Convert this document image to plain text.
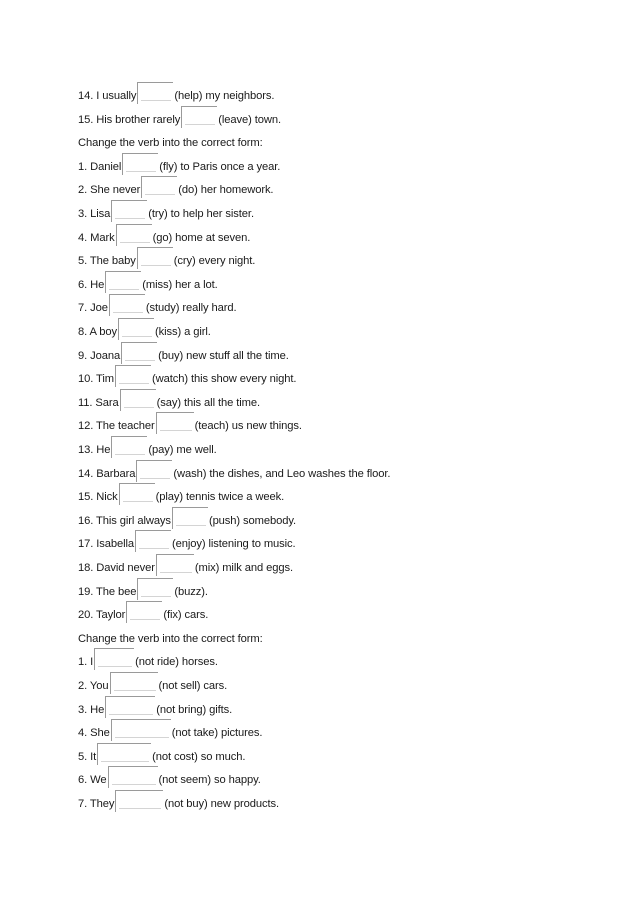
14. I usually	(help) my neighbors.
15. His brother rarely	(leave) town.
Change the verb into the correct form:
1. Daniel	(fly) to Paris once a year.
2. She never	(do) her homework.
3. Lisa	(try) to help her sister.
4. Mark	(go) home at seven.
5. The baby	(cry) every night.
6. He	(miss) her a lot.
7. Joe	(study) really hard.
8. A boy	(kiss) a girl.
9. Joana	(buy) new stuff all the time.
10. Tim	(watch) this show every night.
11. Sara	(say) this all the time.
12. The teacher	(teach) us new things.
13. He	(pay) me well.
14. Barbara	(wash) the dishes, and Leo washes the floor.
15. Nick	(play) tennis twice a week.
16. This girl always	(push) somebody.
17. Isabella	(enjoy) listening to music.
18. David never	(mix) milk and eggs.
19. The bee	(buzz).
20. Taylor	(fix) cars.
Change the verb into the correct form:
1. I	(not ride) horses.
2. You	(not sell) cars.
3. He	(not bring) gifts.
4. She	(not take) pictures.
5. It	(not cost) so much.
6. We	(not seem) so happy.
7. They	(not buy) new products.
